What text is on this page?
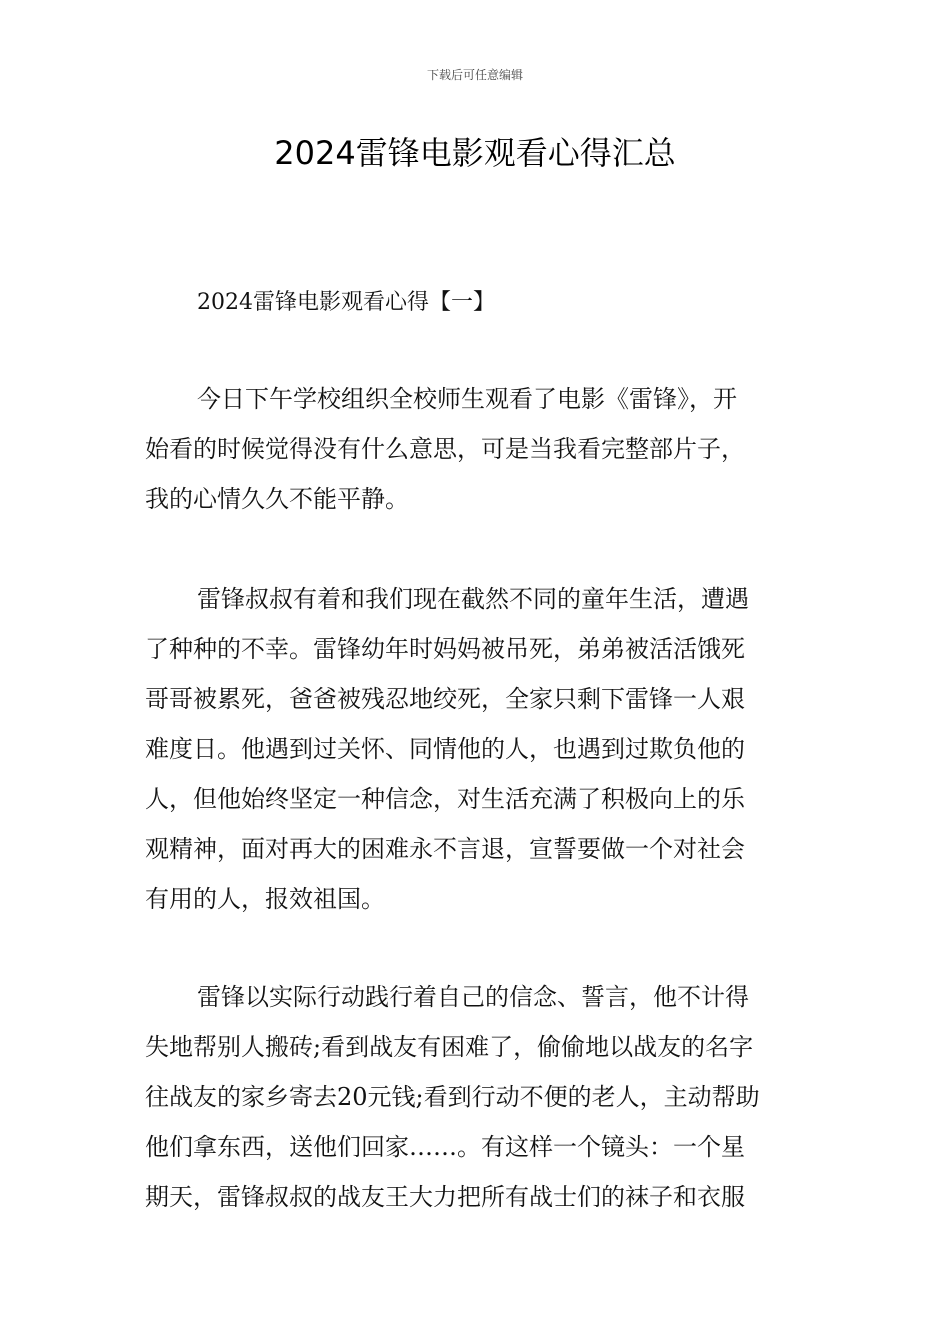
下载后可任意编辑
2024雷锋电影观看心得汇总
2024雷锋电影观看心得【一】
今日下午学校组织全校师生观看了电影《雷锋》，开
始看的时候觉得没有什么意思，可是当我看完整部片子，
我的心情久久不能平静。
雷锋叔叔有着和我们现在截然不同的童年生活，遭遇
了种种的不幸。雷锋幼年时妈妈被吊死，弟弟被活活饿死
哥哥被累死，爸爸被残忍地绞死，全家只剩下雷锋一人艰
难度日。他遇到过关怀、同情他的人，也遇到过欺负他的
人，但他始终坚定一种信念，对生活充满了积极向上的乐
观精神，面对再大的困难永不言退，宣誓要做一个对社会
有用的人，报效祖国。
雷锋以实际行动践行着自己的信念、誓言，他不计得
失地帮别人搬砖;看到战友有困难了，偷偷地以战友的名字
往战友的家乡寄去20元钱;看到行动不便的老人，主动帮助
他们拿东西，送他们回家……。有这样一个镜头：一个星
期天，雷锋叔叔的战友王大力把所有战士们的袜子和衣服
